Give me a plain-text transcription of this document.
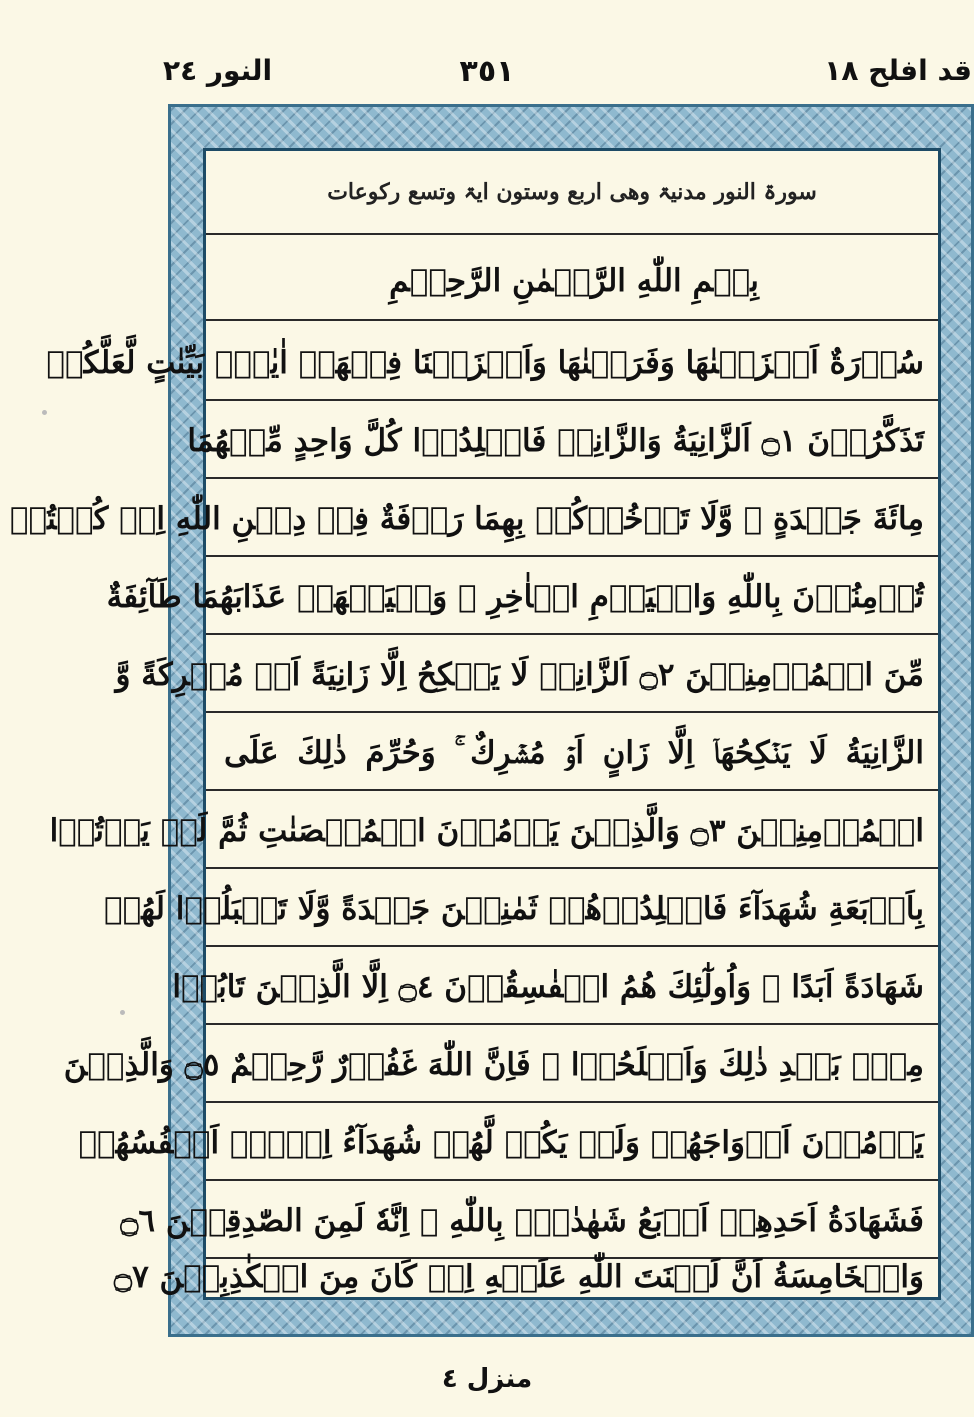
النور ٢٤	٣٥١	قد افلح ١٨
سورۃ النور مدنیۃ وھی اربع وستون ایۃ وتسع رکوعات
بِسۡمِ اللّٰهِ الرَّحۡمٰنِ الرَّحِيۡمِ
سُوۡرَةٌ اَنۡزَلۡنٰهَا وَفَرَضۡنٰهَا وَاَنۡزَلۡنَا فِيۡهَاۤ اٰيٰتٍۢ بَيِّنٰتٍ لَّعَلَّكُمۡ
تَذَكَّرُوۡنَ ۝١ اَلزَّانِيَةُ وَالزَّانِىۡ فَاجۡلِدُوۡا كُلَّ وَاحِدٍ مِّنۡهُمَا
مِائَةَ جَلۡدَةٍ ۖ وَّلَا تَاۡخُذۡكُمۡ بِهِمَا رَاۡفَةٌ فِىۡ دِيۡنِ اللّٰهِ اِنۡ كُنۡتُمۡ
تُؤۡمِنُوۡنَ بِاللّٰهِ وَالۡيَوۡمِ الۡاٰخِرِ ۚ وَلۡيَشۡهَدۡ عَذَابَهُمَا طَآئِفَةٌ
مِّنَ الۡمُؤۡمِنِيۡنَ ۝٢ اَلزَّانِىۡ لَا يَنۡكِحُ اِلَّا زَانِيَةً اَوۡ مُشۡرِكَةً وَّ
الزَّانِيَةُ لَا يَنۡكِحُهَاۤ اِلَّا زَانٍ اَوۡ مُشۡرِكٌ ۚ وَحُرِّمَ ذٰلِكَ عَلَى
الۡمُؤۡمِنِيۡنَ ۝٣ وَالَّذِيۡنَ يَرۡمُوۡنَ الۡمُحۡصَنٰتِ ثُمَّ لَمۡ يَاۡتُوۡا
بِاَرۡبَعَةِ شُهَدَآءَ فَاجۡلِدُوۡهُمۡ ثَمٰنِيۡنَ جَلۡدَةً وَّلَا تَقۡبَلُوۡا لَهُمۡ
شَهَادَةً اَبَدًا ۚ وَاُولٰٓئِكَ هُمُ الۡفٰسِقُوۡنَ ۝٤ اِلَّا الَّذِيۡنَ تَابُوۡا
مِنۡۢ بَعۡدِ ذٰلِكَ وَاَصۡلَحُوۡا ۚ فَاِنَّ اللّٰهَ غَفُوۡرٌ رَّحِيۡمٌ ۝٥ وَالَّذِيۡنَ
يَرۡمُوۡنَ اَزۡوَاجَهُمۡ وَلَمۡ يَكُنۡ لَّهُمۡ شُهَدَآءُ اِلَّاۤ اَنۡفُسُهُمۡ
فَشَهَادَةُ اَحَدِهِمۡ اَرۡبَعُ شَهٰدٰتٍۭ بِاللّٰهِ ۙ اِنَّهٗ لَمِنَ الصّٰدِقِيۡنَ ۝٦
وَالۡخَامِسَةُ اَنَّ لَعۡنَتَ اللّٰهِ عَلَيۡهِ اِنۡ كَانَ مِنَ الۡكٰذِبِيۡنَ ۝٧
منزل ٤
